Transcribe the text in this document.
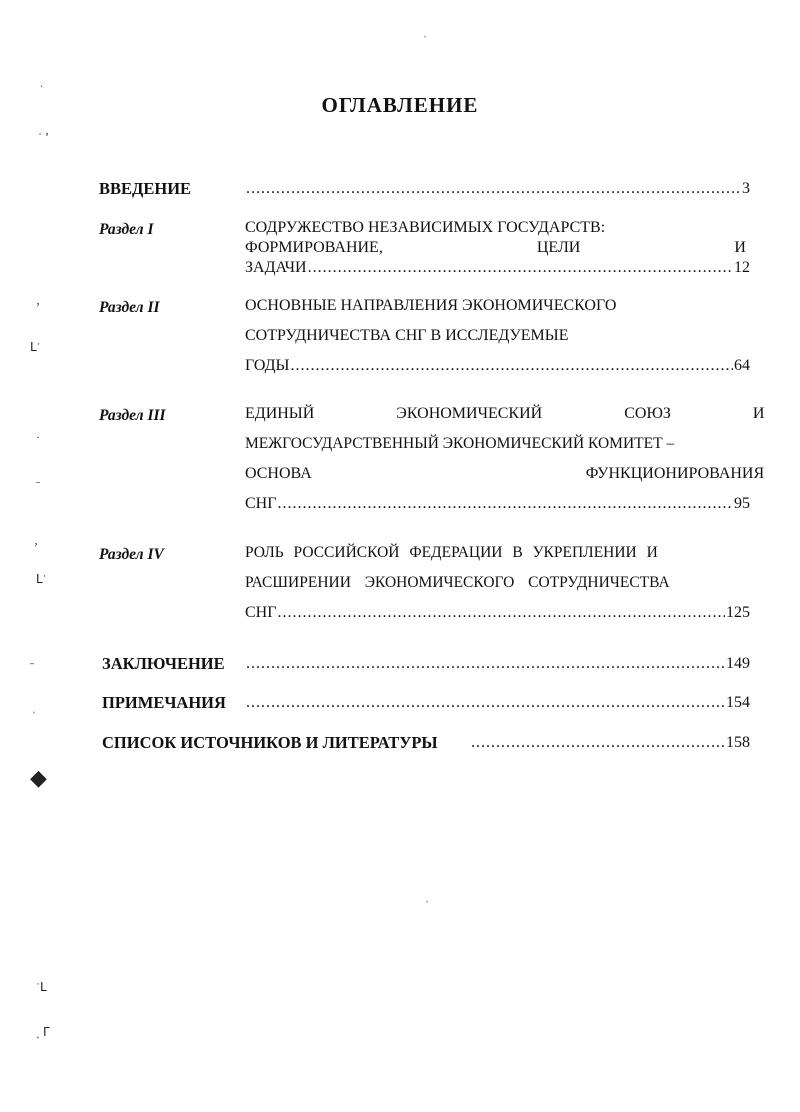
ОГЛАВЛЕНИЕ
ВВЕДЕНИЕ .....	3
Раздел I	СОДРУЖЕСТВО НЕЗАВИСИМЫХ ГОСУДАРСТВ:
ФОРМИРОВАНИЕ, ЦЕЛИ И
ЗАДАЧИ .....	12
Раздел II	ОСНОВНЫЕ НАПРАВЛЕНИЯ ЭКОНОМИЧЕСКОГО
СОТРУДНИЧЕСТВА СНГ В ИССЛЕДУЕМЫЕ
ГОДЫ .....	64
Раздел III	ЕДИНЫЙ ЭКОНОМИЧЕСКИЙ СОЮЗ И
МЕЖГОСУДАРСТВЕННЫЙ ЭКОНОМИЧЕСКИЙ КОМИТЕТ –
ОСНОВА ФУНКЦИОНИРОВАНИЯ
СНГ .....	95
Раздел IV	РОЛЬ РОССИЙСКОЙ ФЕДЕРАЦИИ В УКРЕПЛЕНИИ И
РАСШИРЕНИИ ЭКОНОМИЧЕСКОГО СОТРУДНИЧЕСТВА
СНГ .....	125
ЗАКЛЮЧЕНИЕ .....	149
ПРИМЕЧАНИЯ .....	154
СПИСОК ИСТОЧНИКОВ И ЛИТЕРАТУРЫ .....	158
ˈ
ˑ
˙ ʼ
ʼ
ᒪ˙
·
ˍ
ʼ
ᒪ˙
˗
ˌ
◆
ˈ
˙ᒪ
ˏ ᒥ
